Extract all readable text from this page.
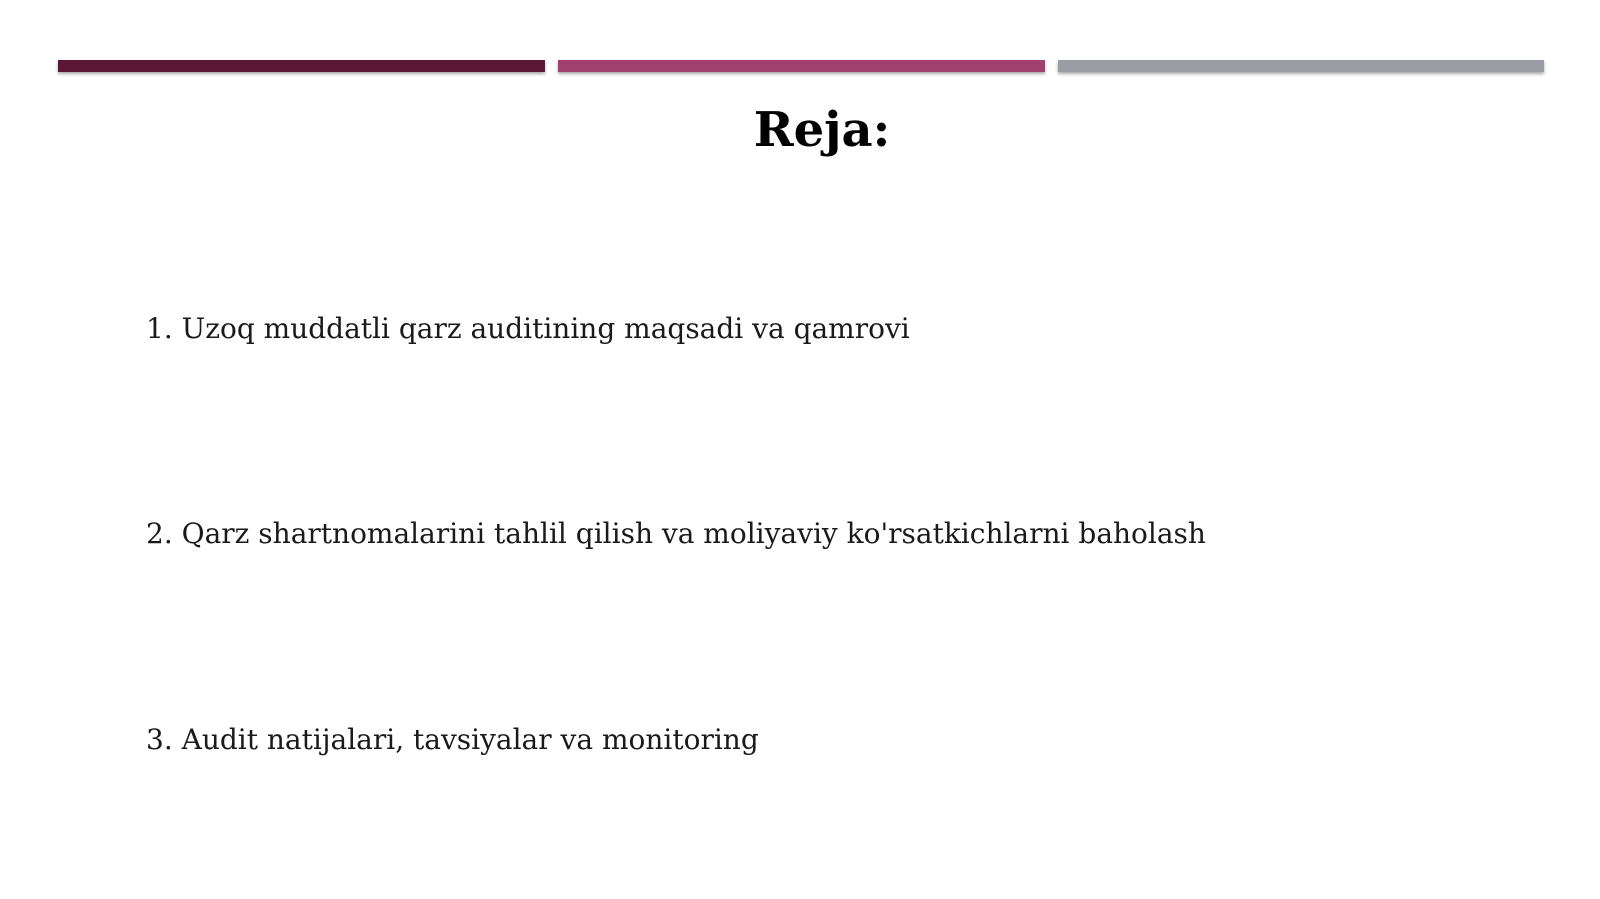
Reja:

1. Uzoq muddatli qarz auditining maqsadi va qamrovi

2. Qarz shartnomalarini tahlil qilish va moliyaviy ko'rsatkichlarni baholash

3. Audit natijalari, tavsiyalar va monitoring
